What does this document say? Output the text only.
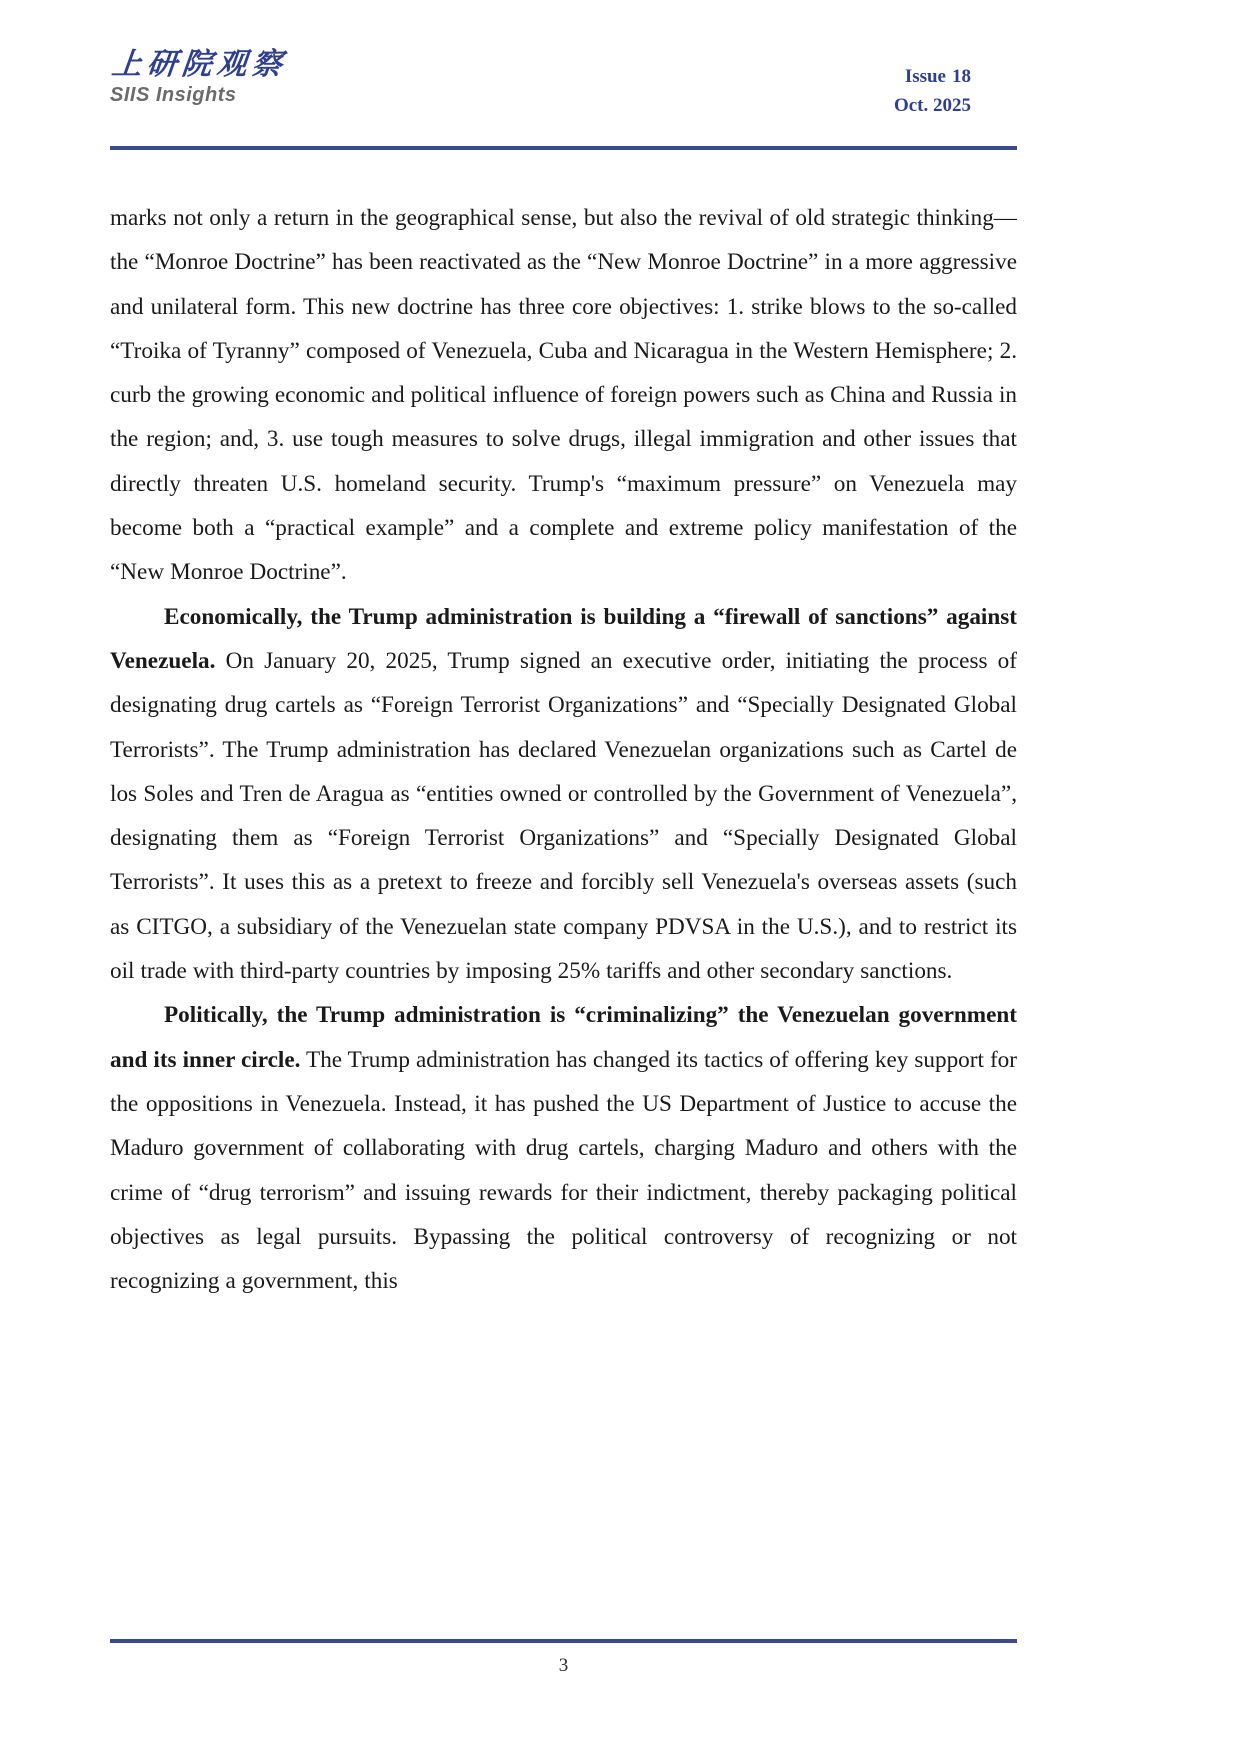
上研院观察
SIIS Insights
Issue 18
Oct. 2025

marks not only a return in the geographical sense, but also the revival of old strategic thinking—the “Monroe Doctrine” has been reactivated as the “New Monroe Doctrine” in a more aggressive and unilateral form. This new doctrine has three core objectives: 1. strike blows to the so-called “Troika of Tyranny” composed of Venezuela, Cuba and Nicaragua in the Western Hemisphere; 2. curb the growing economic and political influence of foreign powers such as China and Russia in the region; and, 3. use tough measures to solve drugs, illegal immigration and other issues that directly threaten U.S. homeland security. Trump's “maximum pressure” on Venezuela may become both a “practical example” and a complete and extreme policy manifestation of the “New Monroe Doctrine”.

Economically, the Trump administration is building a “firewall of sanctions” against Venezuela. On January 20, 2025, Trump signed an executive order, initiating the process of designating drug cartels as “Foreign Terrorist Organizations” and “Specially Designated Global Terrorists”. The Trump administration has declared Venezuelan organizations such as Cartel de los Soles and Tren de Aragua as “entities owned or controlled by the Government of Venezuela”, designating them as “Foreign Terrorist Organizations” and “Specially Designated Global Terrorists”. It uses this as a pretext to freeze and forcibly sell Venezuela's overseas assets (such as CITGO, a subsidiary of the Venezuelan state company PDVSA in the U.S.), and to restrict its oil trade with third-party countries by imposing 25% tariffs and other secondary sanctions.

Politically, the Trump administration is “criminalizing” the Venezuelan government and its inner circle. The Trump administration has changed its tactics of offering key support for the oppositions in Venezuela. Instead, it has pushed the US Department of Justice to accuse the Maduro government of collaborating with drug cartels, charging Maduro and others with the crime of “drug terrorism” and issuing rewards for their indictment, thereby packaging political objectives as legal pursuits. Bypassing the political controversy of recognizing or not recognizing a government, this

3
